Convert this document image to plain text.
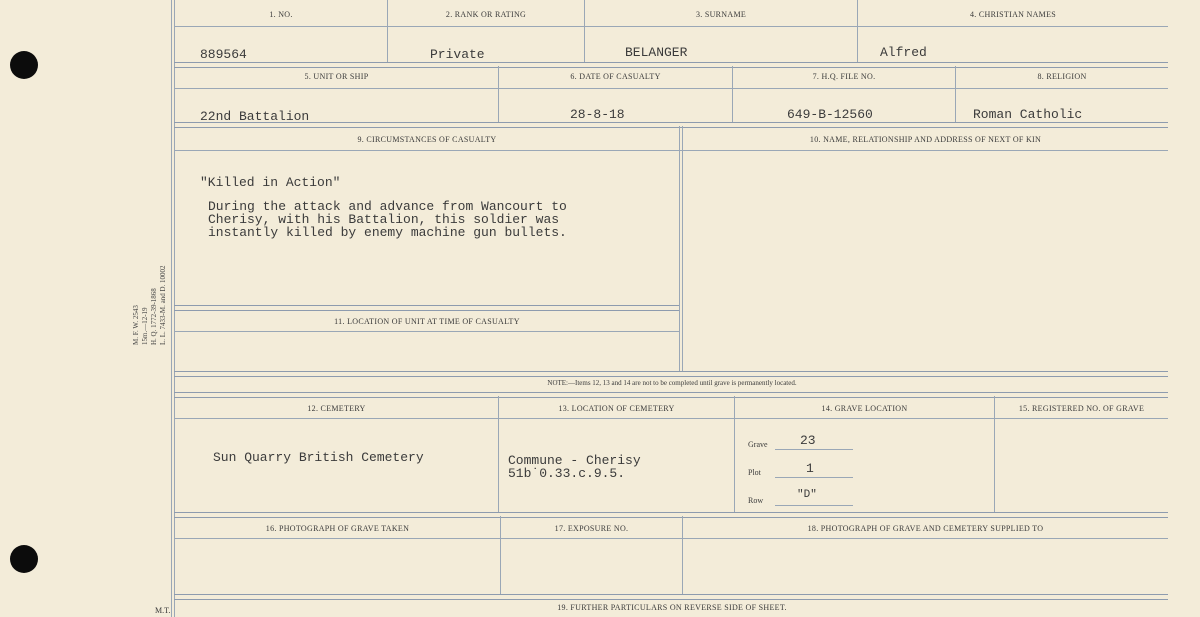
1. NO.	2. RANK OR RATING	3. SURNAME	4. CHRISTIAN NAMES
889564	Private	BELANGER	Alfred
5. UNIT OR SHIP	6. DATE OF CASUALTY	7. H.Q. FILE NO.	8. RELIGION
22nd Battalion	28-8-18	649-B-12560	Roman Catholic
9. CIRCUMSTANCES OF CASUALTY	10. NAME, RELATIONSHIP AND ADDRESS OF NEXT OF KIN
"Killed in Action"
During the attack and advance from Wancourt to
Cherisy, with his Battalion, this soldier was
instantly killed by enemy machine gun bullets.
11. LOCATION OF UNIT AT TIME OF CASUALTY
NOTE:—Items 12, 13 and 14 are not to be completed until grave is permanently located.
12. CEMETERY	13. LOCATION OF CEMETERY	14. GRAVE LOCATION	15. REGISTERED NO. OF GRAVE
Sun Quarry British Cemetery	Commune - Cherisy
51b˙0.33.c.9.5.
Grave 23
Plot	1
Row	"D"
16. PHOTOGRAPH OF GRAVE TAKEN	17. EXPOSURE NO.	18. PHOTOGRAPH OF GRAVE AND CEMETERY SUPPLIED TO
19. FURTHER PARTICULARS ON REVERSE SIDE OF SHEET.
M. F. W. 2543 15m.—12-19 H. Q. 1772-39-1868 L. L. 7433-M. and D. 10002
M.T.
